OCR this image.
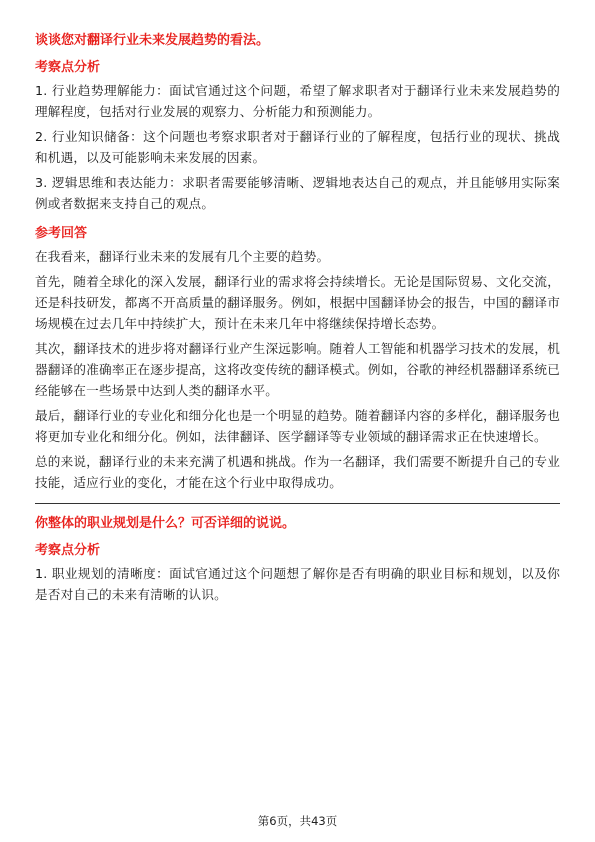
谈谈您对翻译行业未来发展趋势的看法。
考察点分析
1. 行业趋势理解能力：面试官通过这个问题，希望了解求职者对于翻译行业未来发展趋势的理解程度，包括对行业发展的观察力、分析能力和预测能力。
2. 行业知识储备：这个问题也考察求职者对于翻译行业的了解程度，包括行业的现状、挑战和机遇，以及可能影响未来发展的因素。
3. 逻辑思维和表达能力：求职者需要能够清晰、逻辑地表达自己的观点，并且能够用实际案例或者数据来支持自己的观点。
参考回答
在我看来，翻译行业未来的发展有几个主要的趋势。
首先，随着全球化的深入发展，翻译行业的需求将会持续增长。无论是国际贸易、文化交流，还是科技研发，都离不开高质量的翻译服务。例如，根据中国翻译协会的报告，中国的翻译市场规模在过去几年中持续扩大，预计在未来几年中将继续保持增长态势。
其次，翻译技术的进步将对翻译行业产生深远影响。随着人工智能和机器学习技术的发展，机器翻译的准确率正在逐步提高，这将改变传统的翻译模式。例如，谷歌的神经机器翻译系统已经能够在一些场景中达到人类的翻译水平。
最后，翻译行业的专业化和细分化也是一个明显的趋势。随着翻译内容的多样化，翻译服务也将更加专业化和细分化。例如，法律翻译、医学翻译等专业领域的翻译需求正在快速增长。
总的来说，翻译行业的未来充满了机遇和挑战。作为一名翻译，我们需要不断提升自己的专业技能，适应行业的变化，才能在这个行业中取得成功。
你整体的职业规划是什么？可否详细的说说。
考察点分析
1. 职业规划的清晰度：面试官通过这个问题想了解你是否有明确的职业目标和规划，以及你是否对自己的未来有清晰的认识。
第6页，共43页
